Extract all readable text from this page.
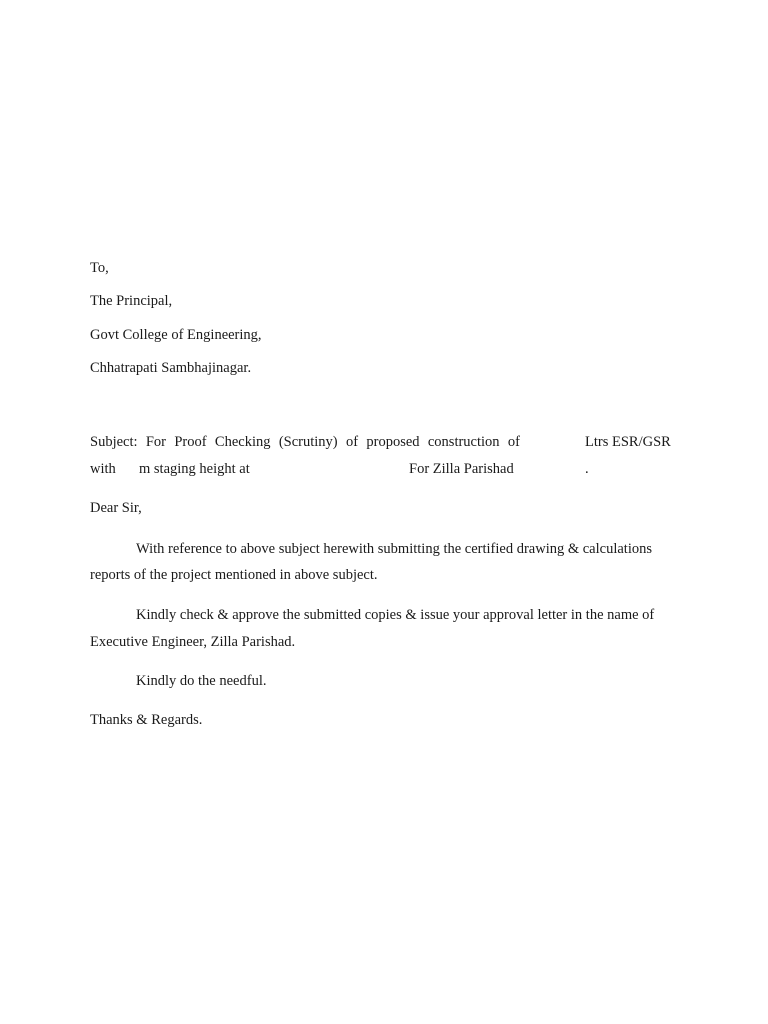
To,
The Principal,
Govt College of Engineering,
Chhatrapati Sambhajinagar.
Subject: For Proof Checking (Scrutiny) of proposed construction of	Ltrs ESR/GSR
with m staging height at	For Zilla Parishad	.
Dear Sir,
With reference to above subject herewith submitting the certified drawing & calculations
reports of the project mentioned in above subject.
Kindly check & approve the submitted copies & issue your approval letter in the name of
Executive Engineer, Zilla Parishad.
Kindly do the needful.
Thanks & Regards.
